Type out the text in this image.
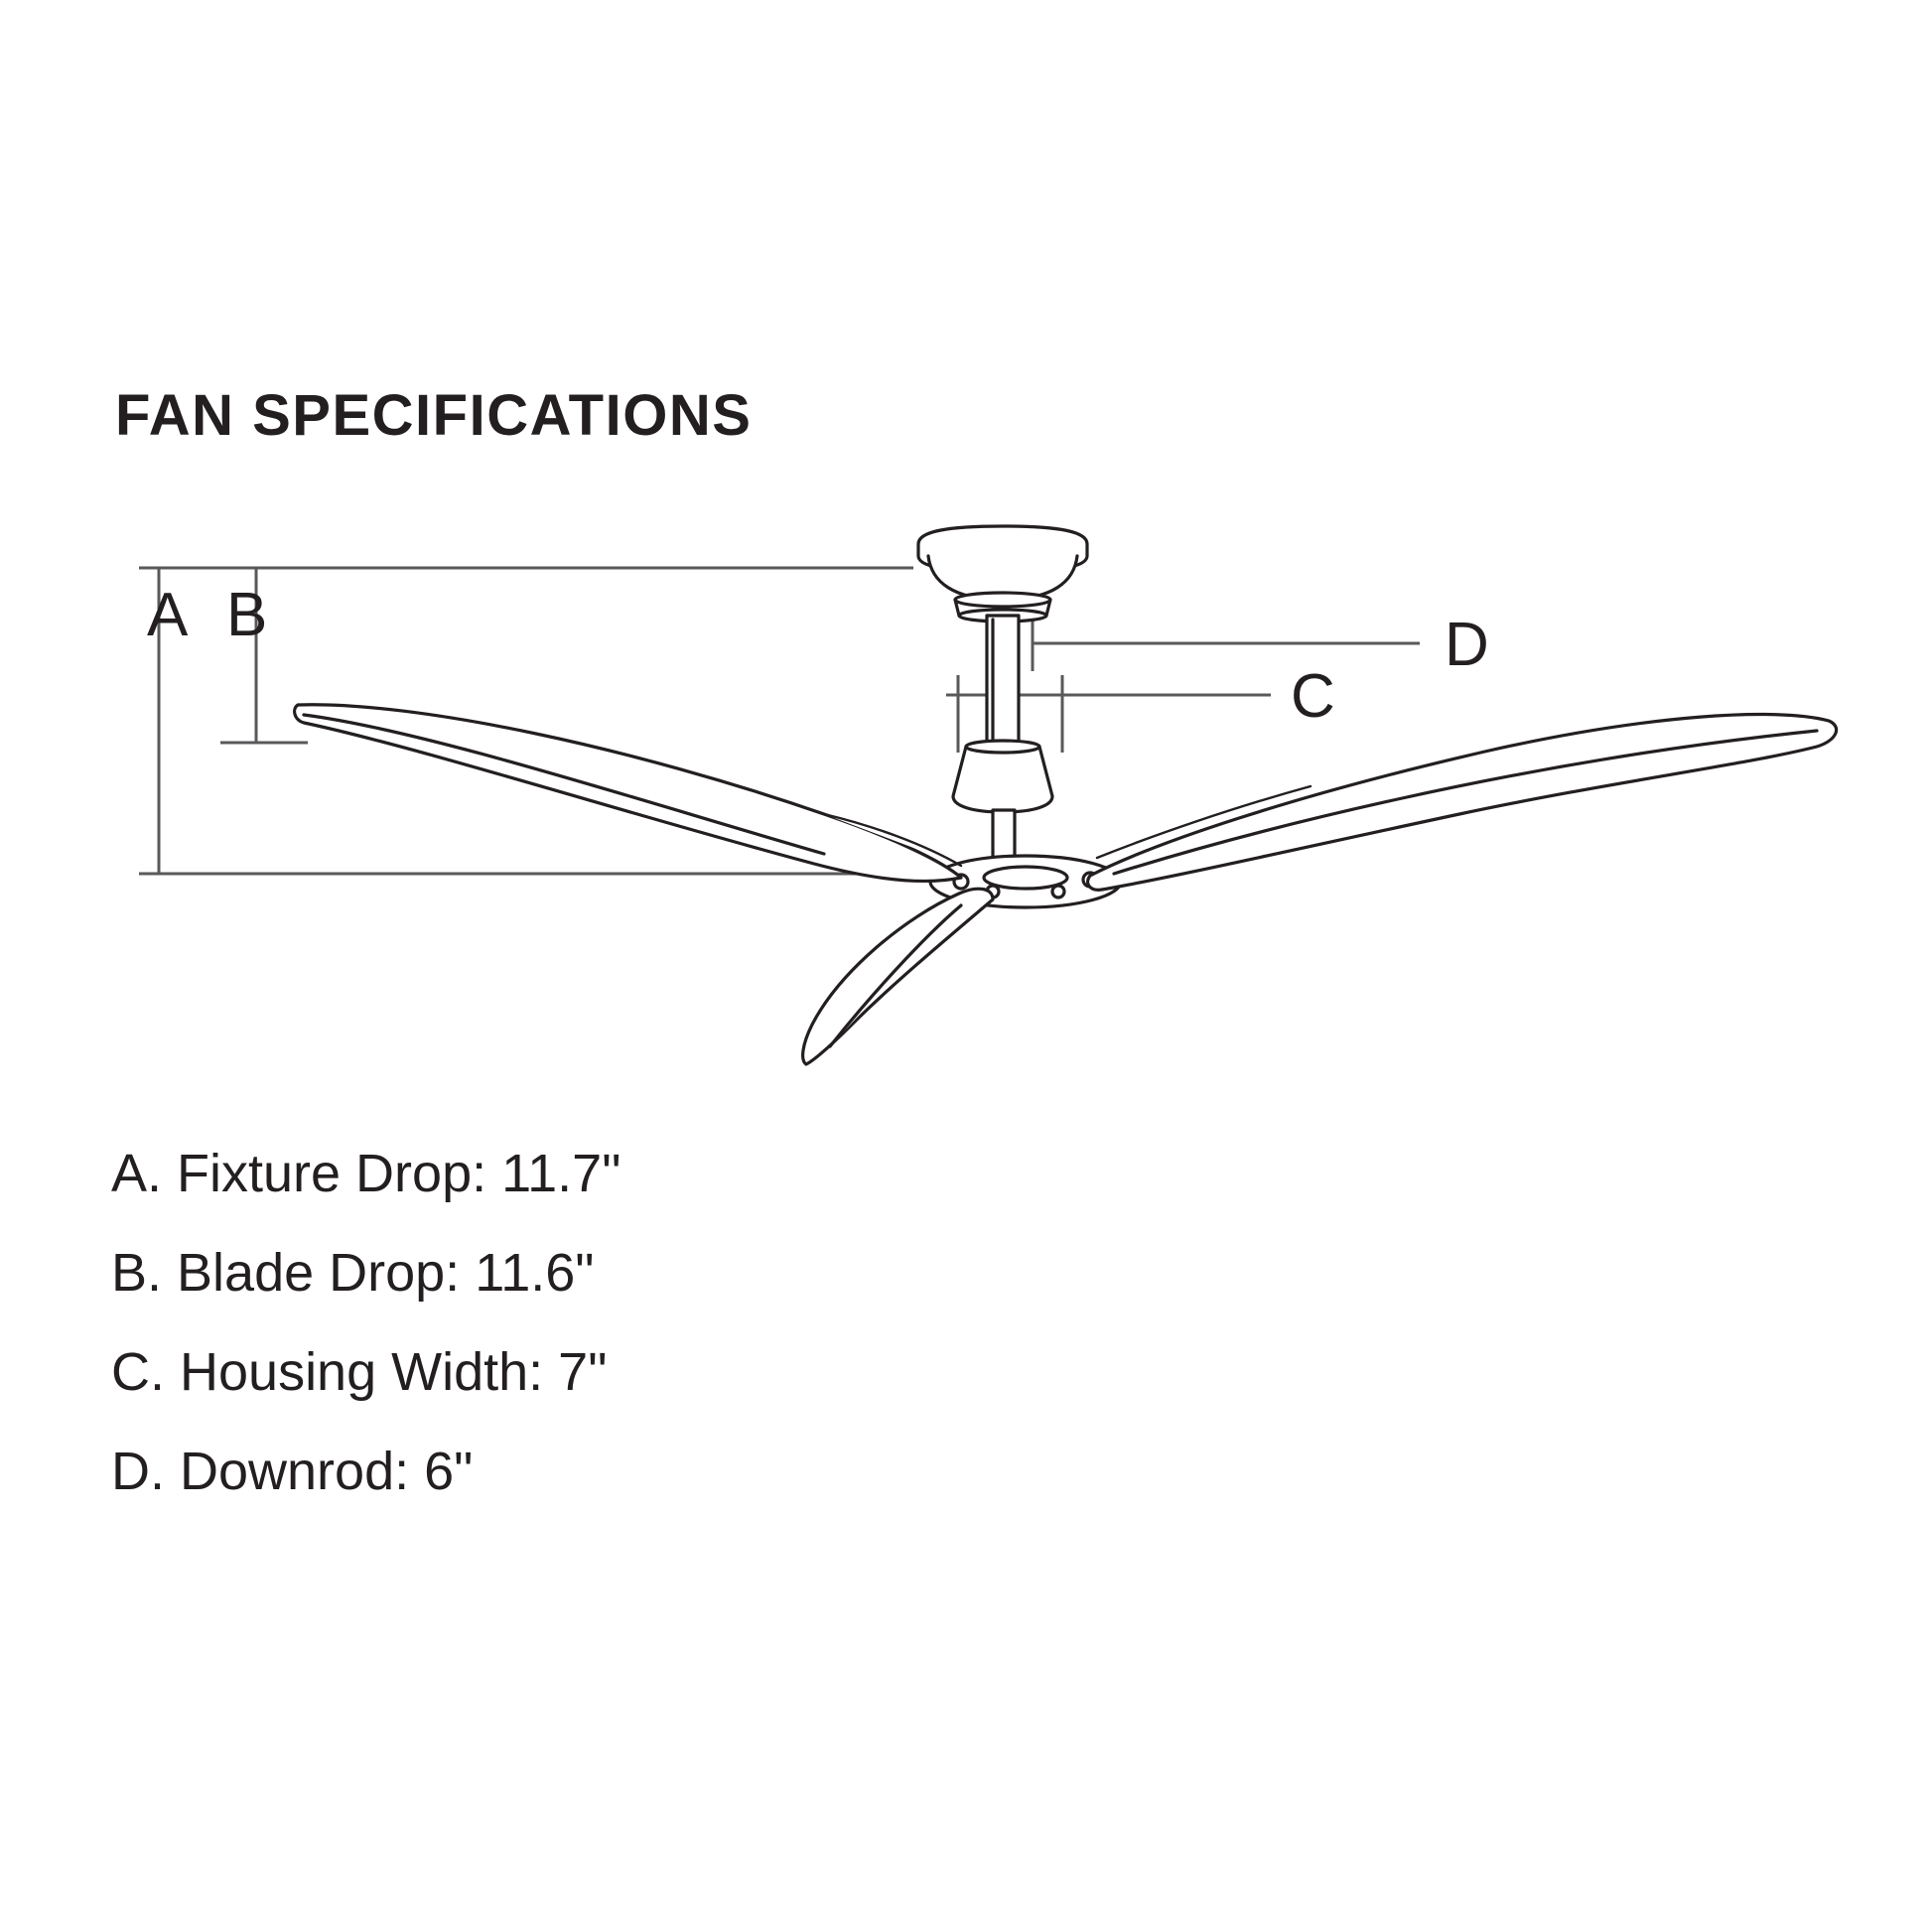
FAN SPECIFICATIONS
A B	D
C
A. Fixture Drop: 11.7"
B. Blade Drop: 11.6"
C. Housing Width: 7"
D. Downrod: 6"
